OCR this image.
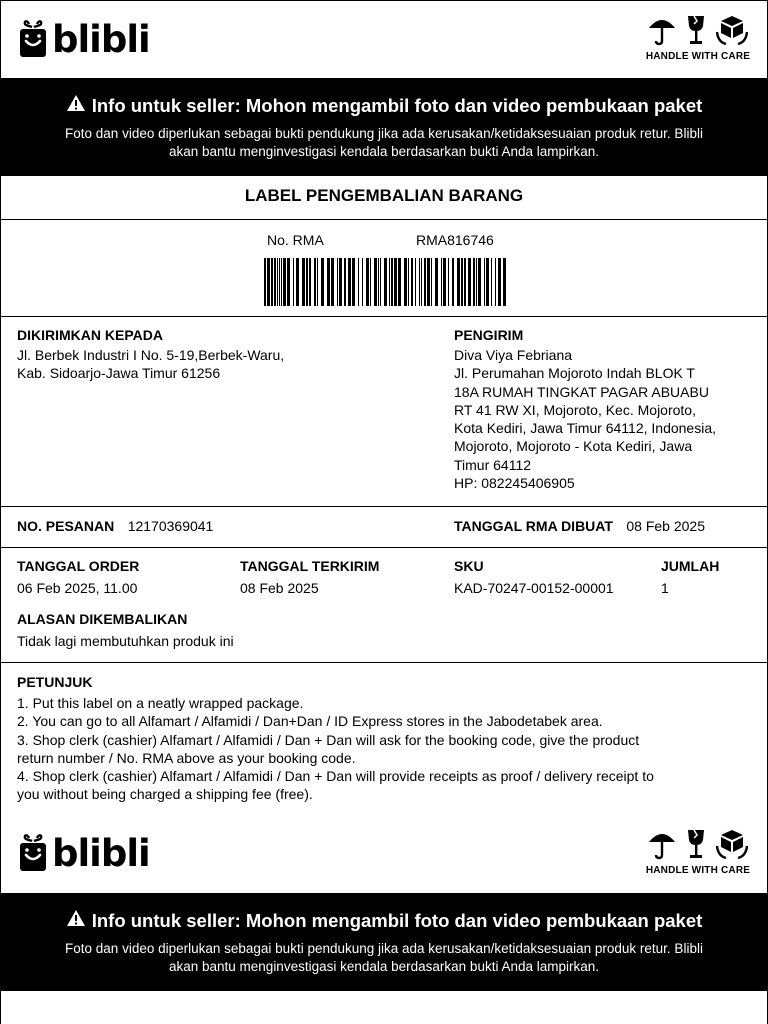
blibli	HANDLE WITH CARE
Info untuk seller: Mohon mengambil foto dan video pembukaan paket
Foto dan video diperlukan sebagai bukti pendukung jika ada kerusakan/ketidaksesuaian produk retur. Blibli
akan bantu menginvestigasi kendala berdasarkan bukti Anda lampirkan.
LABEL PENGEMBALIAN BARANG
No. RMA	RMA816746
DIKIRIMKAN KEPADA
Jl. Berbek Industri I No. 5-19,Berbek-Waru,
Kab. Sidoarjo-Jawa Timur 61256
PENGIRIM
Diva Viya Febriana
Jl. Perumahan Mojoroto Indah BLOK T
18A RUMAH TINGKAT PAGAR ABUABU
RT 41 RW XI, Mojoroto, Kec. Mojoroto,
Kota Kediri, Jawa Timur 64112, Indonesia,
Mojoroto, Mojoroto - Kota Kediri, Jawa
Timur 64112
HP: 082245406905
NO. PESANAN 12170369041	TANGGAL RMA DIBUAT 08 Feb 2025
TANGGAL ORDER
06 Feb 2025, 11.00
TANGGAL TERKIRIM
08 Feb 2025
SKU
KAD-70247-00152-00001
JUMLAH
1
ALASAN DIKEMBALIKAN
Tidak lagi membutuhkan produk ini
PETUNJUK
1. Put this label on a neatly wrapped package.
2. You can go to all Alfamart / Alfamidi / Dan+Dan / ID Express stores in the Jabodetabek area.
3. Shop clerk (cashier) Alfamart / Alfamidi / Dan + Dan will ask for the booking code, give the product
return number / No. RMA above as your booking code.
4. Shop clerk (cashier) Alfamart / Alfamidi / Dan + Dan will provide receipts as proof / delivery receipt to
you without being charged a shipping fee (free).
blibli	HANDLE WITH CARE
Info untuk seller: Mohon mengambil foto dan video pembukaan paket
Foto dan video diperlukan sebagai bukti pendukung jika ada kerusakan/ketidaksesuaian produk retur. Blibli
akan bantu menginvestigasi kendala berdasarkan bukti Anda lampirkan.
